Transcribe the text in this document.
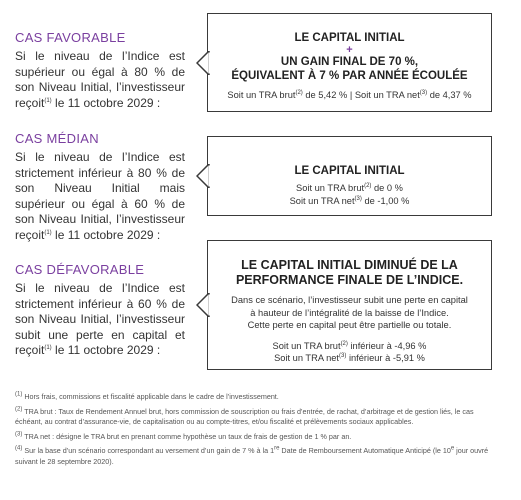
CAS FAVORABLE
Si le niveau de l’Indice est supérieur ou égal à 80 % de son Niveau Initial, l’investisseur reçoit$^{(1)}$ le 11 octobre 2029 :
CAS MÉDIAN
Si le niveau de l’Indice est strictement inférieur à 80 % de son Niveau Initial mais supérieur ou égal à 60 % de son Niveau Initial, l’investisseur reçoit$^{(1)}$ le 11 octobre 2029 :
CAS DÉFAVORABLE
Si le niveau de l’Indice est strictement inférieur à 60 % de son Niveau Initial, l’investisseur subit une perte en capital et reçoit$^{(1)}$ le 11 octobre 2029 :
LE CAPITAL INITIAL
+
UN GAIN FINAL DE 70 %,
ÉQUIVALENT À 7 % PAR ANNÉE ÉCOULÉE
Soit un TRA brut$^{(2)}$ de 5,42 % | Soit un TRA net$^{(3)}$ de 4,37 %
LE CAPITAL INITIAL
Soit un TRA brut$^{(2)}$ de 0 %
Soit un TRA net$^{(3)}$ de -1,00 %
LE CAPITAL INITIAL DIMINUÉ DE LA
PERFORMANCE FINALE DE L’INDICE.
Dans ce scénario, l’investisseur subit une perte en capital
à hauteur de l’intégralité de la baisse de l’Indice.
Cette perte en capital peut être partielle ou totale.
Soit un TRA brut$^{(2)}$ inférieur à -4,96 %
Soit un TRA net$^{(3)}$ inférieur à -5,91 %

$^{(1)}$ Hors frais, commissions et fiscalité applicable dans le cadre de l’investissement.

$^{(2)}$ TRA brut : Taux de Rendement Annuel brut, hors commission de souscription ou frais d’entrée, de rachat, d’arbitrage et de gestion liés, le cas échéant, au contrat d’assurance-vie, de capitalisation ou au compte-titres, et/ou fiscalité et prélèvements sociaux applicables.

$^{(3)}$ TRA net : désigne le TRA brut en prenant comme hypothèse un taux de frais de gestion de 1 % par an.

$^{(4)}$ Sur la base d’un scénario correspondant au versement d’un gain de 7 % à la 1re Date de Remboursement Automatique Anticipé (le 10e jour ouvré suivant le 28 septembre 2020).
